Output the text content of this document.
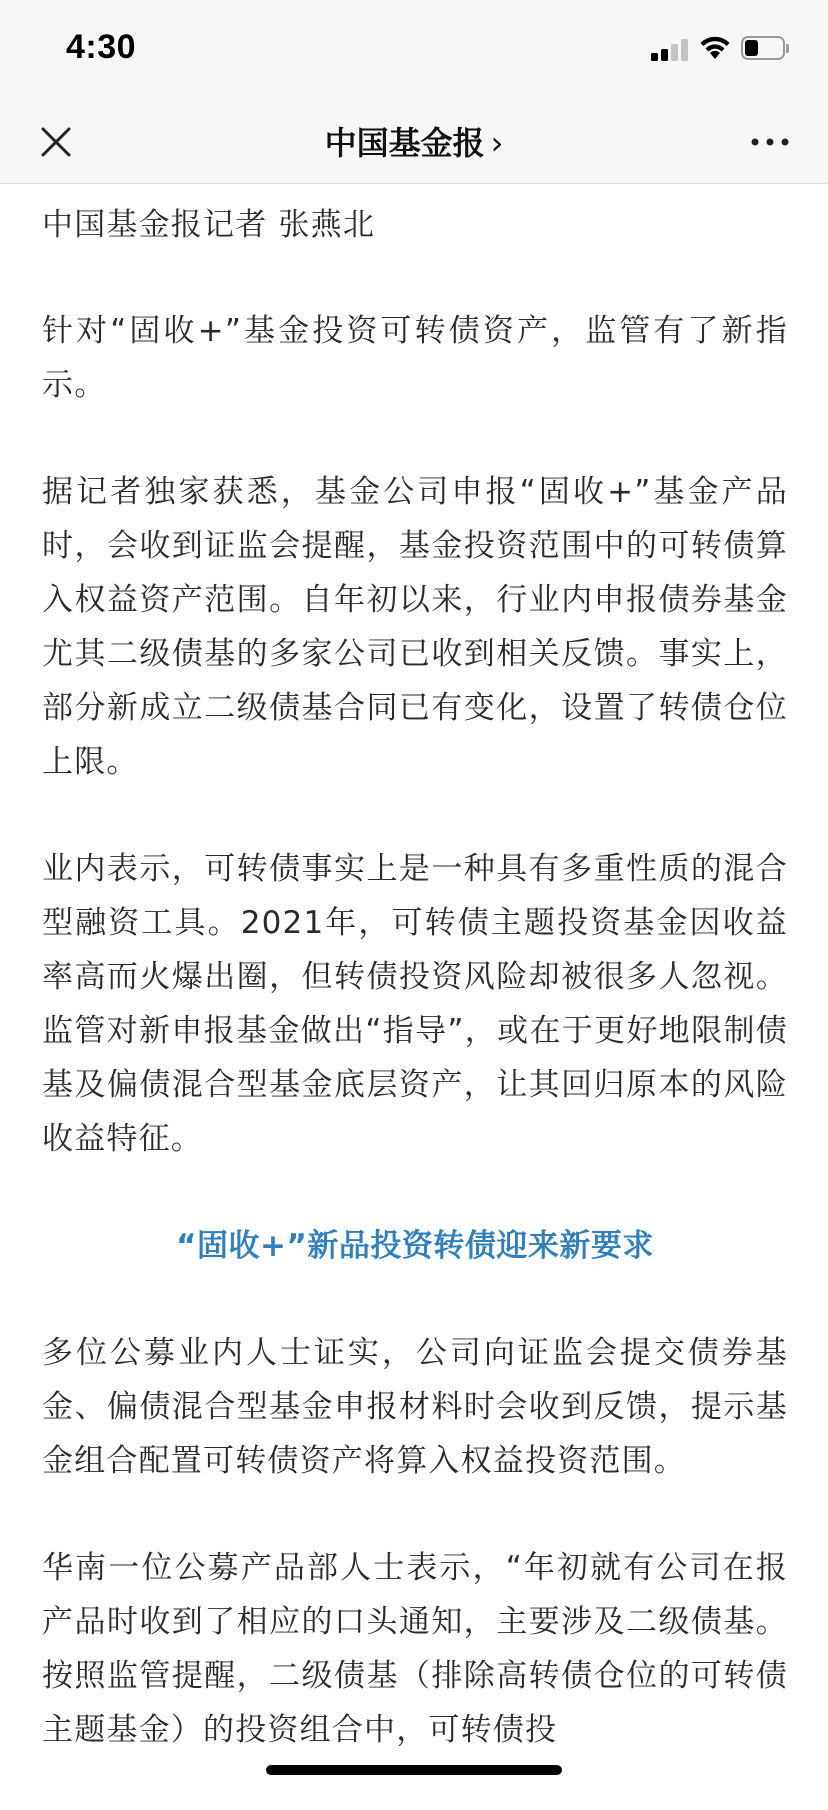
4:30
中国基金报 ›

中国基金报记者 张燕北

针对“固收+”基金投资可转债资产，监管有了新指示。

据记者独家获悉，基金公司申报“固收+”基金产品时，会收到证监会提醒，基金投资范围中的可转债算入权益资产范围。自年初以来，行业内申报债券基金尤其二级债基的多家公司已收到相关反馈。事实上，部分新成立二级债基合同已有变化，设置了转债仓位上限。

业内表示，可转债事实上是一种具有多重性质的混合型融资工具。2021年，可转债主题投资基金因收益率高而火爆出圈，但转债投资风险却被很多人忽视。监管对新申报基金做出“指导”，或在于更好地限制债基及偏债混合型基金底层资产，让其回归原本的风险收益特征。

“固收+”新品投资转债迎来新要求

多位公募业内人士证实，公司向证监会提交债券基金、偏债混合型基金申报材料时会收到反馈，提示基金组合配置可转债资产将算入权益投资范围。

华南一位公募产品部人士表示，“年初就有公司在报产品时收到了相应的口头通知，主要涉及二级债基。按照监管提醒，二级债基（排除高转债仓位的可转债主题基金）的投资组合中，可转债投
